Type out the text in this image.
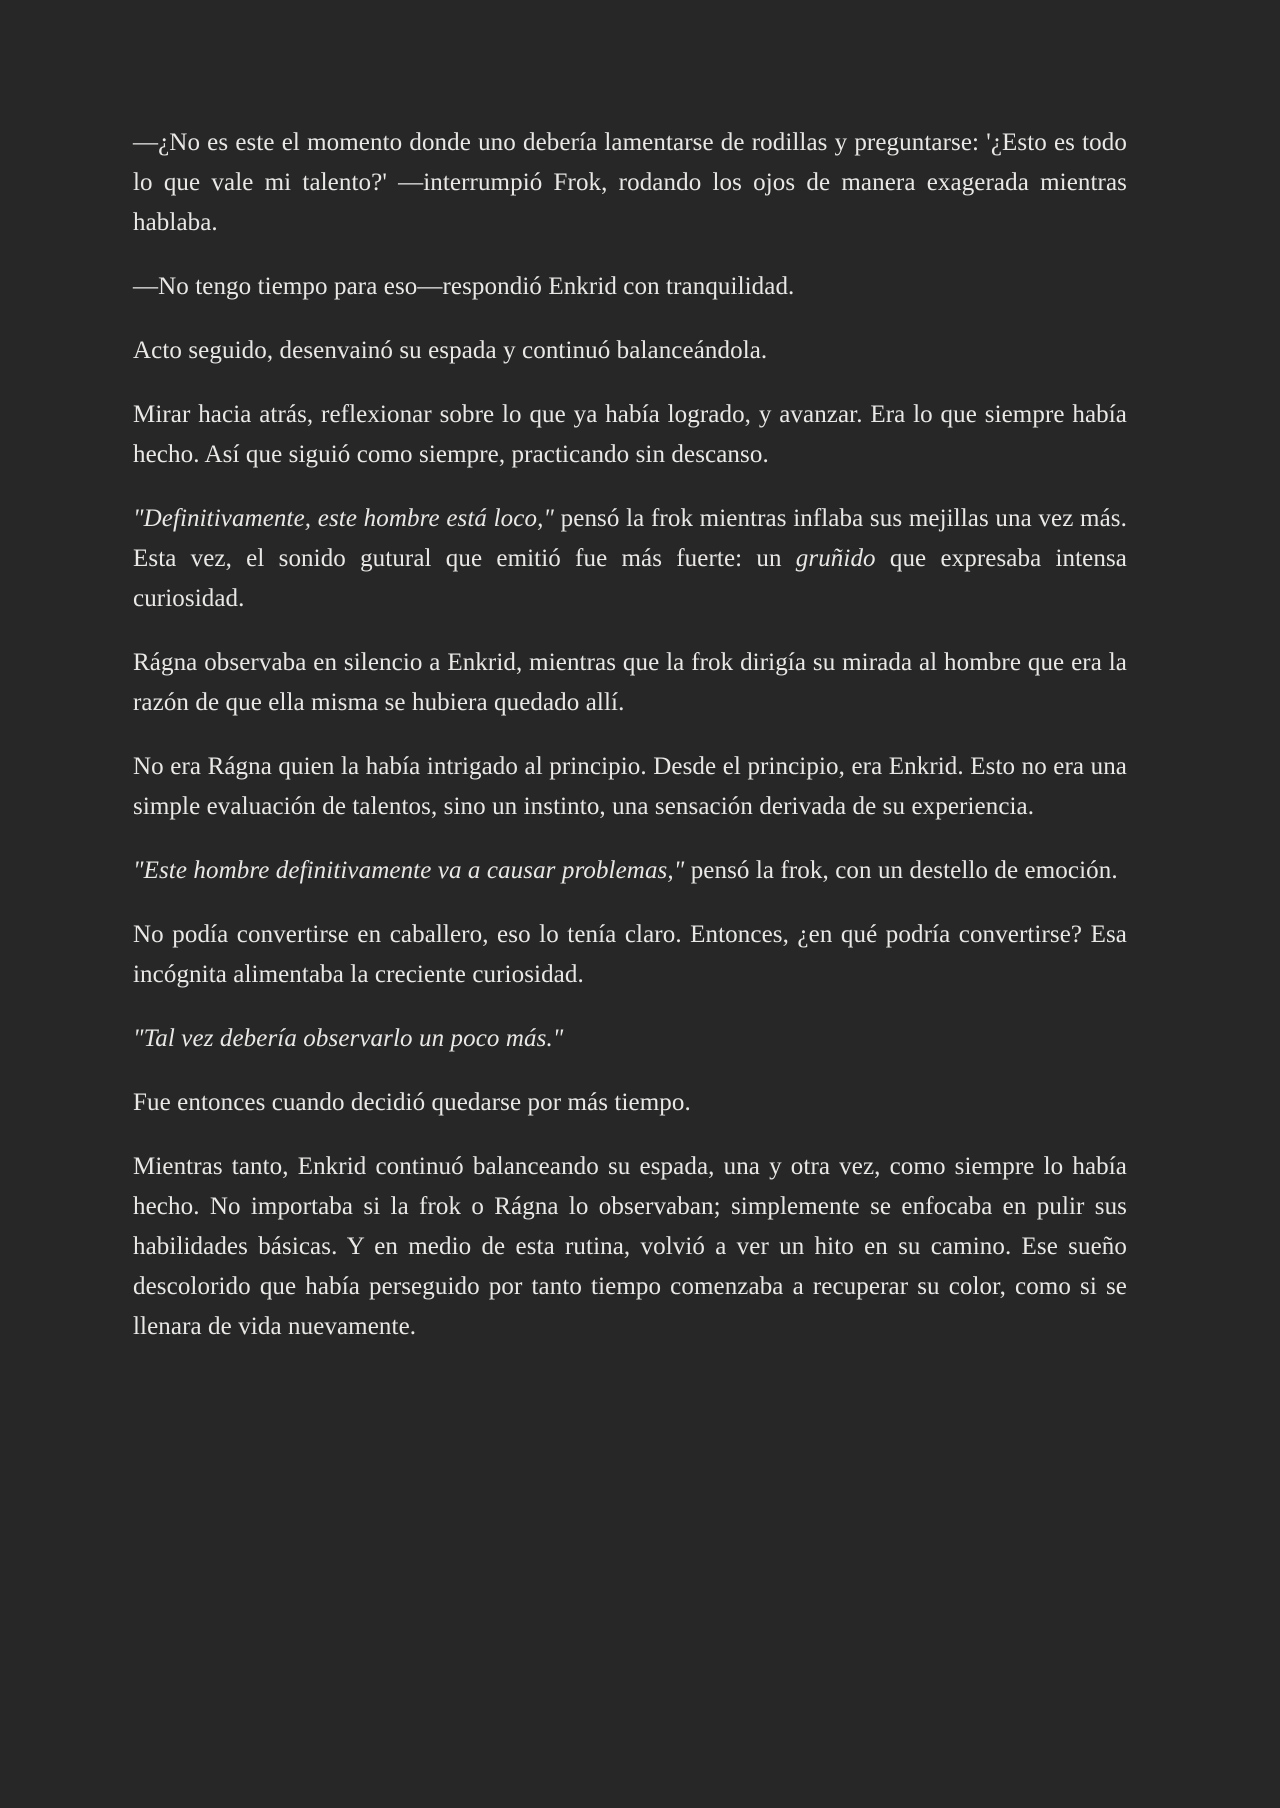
—¿No es este el momento donde uno debería lamentarse de rodillas y preguntarse: '¿Esto es todo lo que vale mi talento?' —interrumpió Frok, rodando los ojos de manera exagerada mientras hablaba.

—No tengo tiempo para eso—respondió Enkrid con tranquilidad.

Acto seguido, desenvainó su espada y continuó balanceándola.

Mirar hacia atrás, reflexionar sobre lo que ya había logrado, y avanzar. Era lo que siempre había hecho. Así que siguió como siempre, practicando sin descanso.

"Definitivamente, este hombre está loco," pensó la frok mientras inflaba sus mejillas una vez más. Esta vez, el sonido gutural que emitió fue más fuerte: un gruñido que expresaba intensa curiosidad.

Rágna observaba en silencio a Enkrid, mientras que la frok dirigía su mirada al hombre que era la razón de que ella misma se hubiera quedado allí.

No era Rágna quien la había intrigado al principio. Desde el principio, era Enkrid. Esto no era una simple evaluación de talentos, sino un instinto, una sensación derivada de su experiencia.

"Este hombre definitivamente va a causar problemas," pensó la frok, con un destello de emoción.

No podía convertirse en caballero, eso lo tenía claro. Entonces, ¿en qué podría convertirse? Esa incógnita alimentaba la creciente curiosidad.

"Tal vez debería observarlo un poco más."

Fue entonces cuando decidió quedarse por más tiempo.

Mientras tanto, Enkrid continuó balanceando su espada, una y otra vez, como siempre lo había hecho. No importaba si la frok o Rágna lo observaban; simplemente se enfocaba en pulir sus habilidades básicas. Y en medio de esta rutina, volvió a ver un hito en su camino. Ese sueño descolorido que había perseguido por tanto tiempo comenzaba a recuperar su color, como si se llenara de vida nuevamente.
